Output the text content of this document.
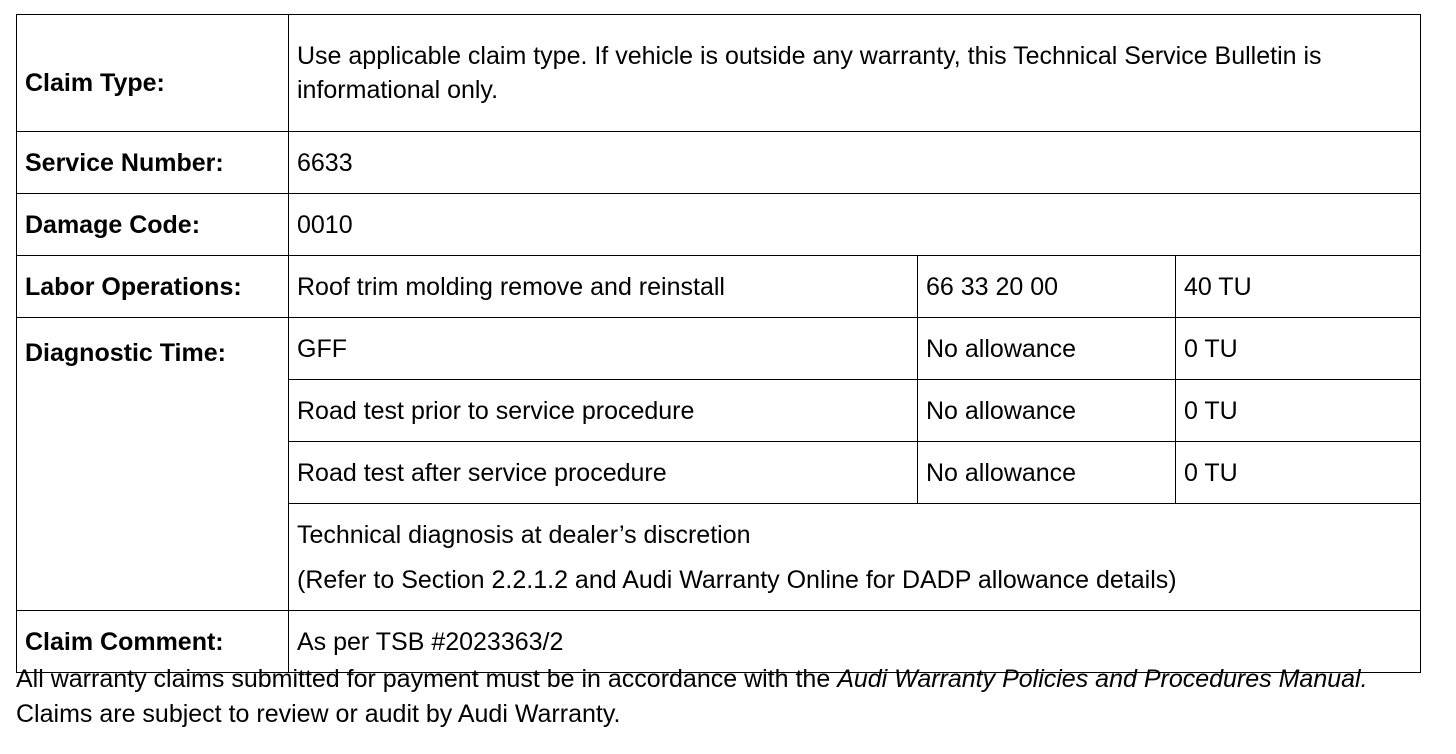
Claim Type:	Use applicable claim type. If vehicle is outside any warranty, this Technical Service Bulletin is informational only.		
Service Number:	6633		
Damage Code:	0010		
Labor Operations:	Roof trim molding remove and reinstall	66 33 20 00	40 TU
Diagnostic Time:	GFF	No allowance	0 TU
	Road test prior to service procedure	No allowance	0 TU
	Road test after service procedure	No allowance	0 TU

	Technical diagnosis at dealer’s discretion
(Refer to Section 2.2.1.2 and Audi Warranty Online for DADP allowance details)		

Claim Comment:	As per TSB #2023363/2		
All warranty claims submitted for payment must be in accordance with the Audi Warranty Policies and Procedures Manual. Claims are subject to review or audit by Audi Warranty.
